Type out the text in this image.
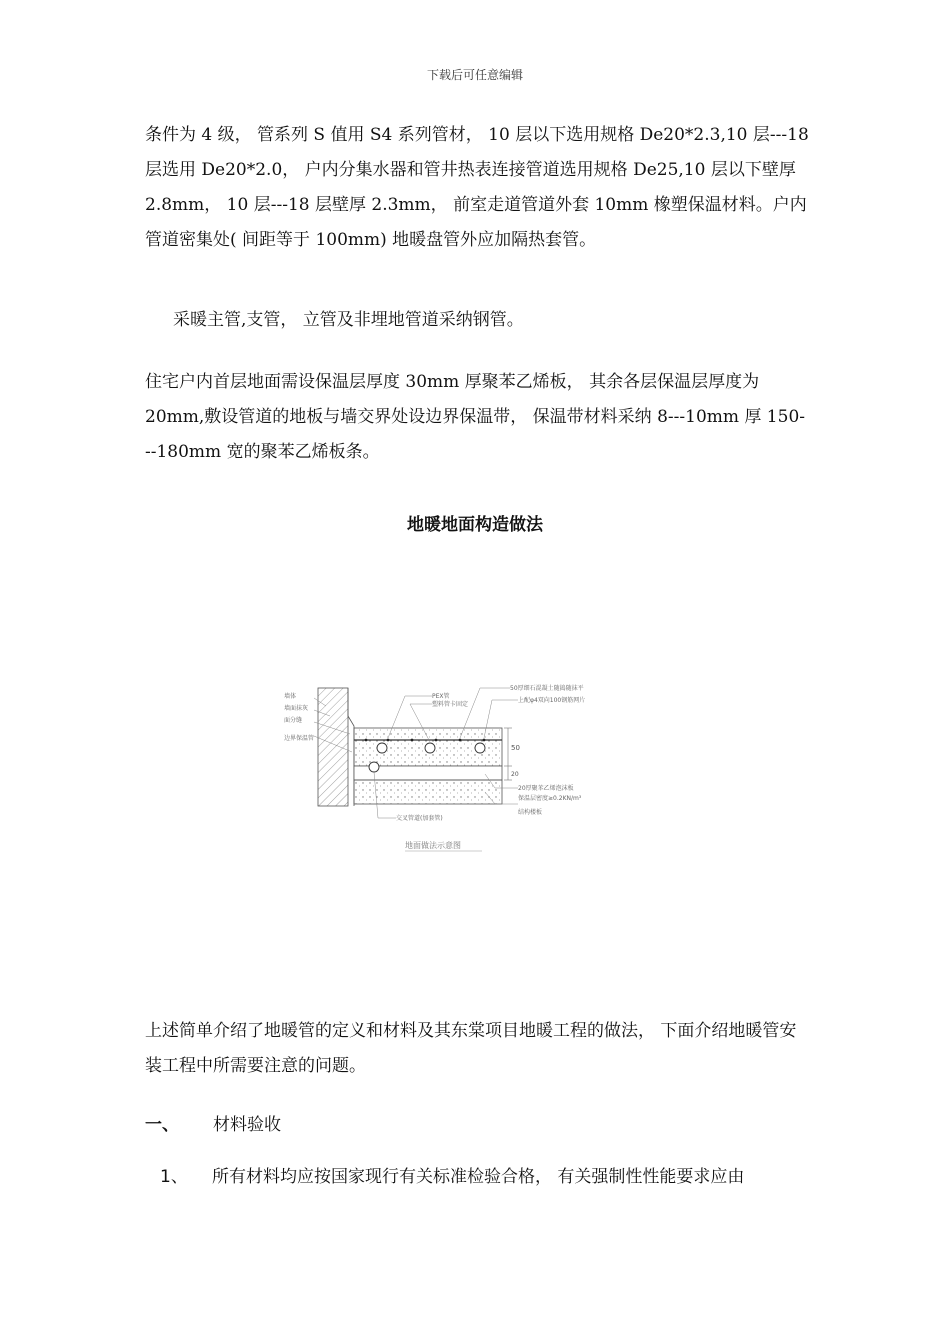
下载后可任意编辑

条件为 4 级， 管系列 S 值用 S4 系列管材， 10 层以下选用规格 De20*2.3,10 层---18 层选用 De20*2.0， 户内分集水器和管井热表连接管道选用规格 De25,10 层以下壁厚 2.8mm， 10 层---18 层壁厚 2.3mm， 前室走道管道外套 10mm 橡塑保温材料。户内管道密集处( 间距等于 100mm) 地暖盘管外应加隔热套管。

采暖主管,支管， 立管及非埋地管道采纳钢管。

住宅户内首层地面需设保温层厚度 30mm 厚聚苯乙烯板， 其余各层保温层厚度为 20mm,敷设管道的地板与墙交界处设边界保温带， 保温带材料采纳 8---10mm 厚 150---180mm 宽的聚苯乙烯板条。

地暖地面构造做法
50
20
墙体
墙面抹灰
面分缝
边界保温管
PEX管
塑料管卡固定
50厚细石混凝土随捣随抹平
上配φ4双向100钢筋网片
20厚聚苯乙烯泡沫板
保温层密度≥0.2KN/m³
结构楼板
交叉管道(加套管)
地面做法示意图

上述简单介绍了地暖管的定义和材料及其东棠项目地暖工程的做法， 下面介绍地暖管安装工程中所需要注意的问题。

一、	材料验收
1、	所有材料均应按国家现行有关标准检验合格， 有关强制性性能要求应由
